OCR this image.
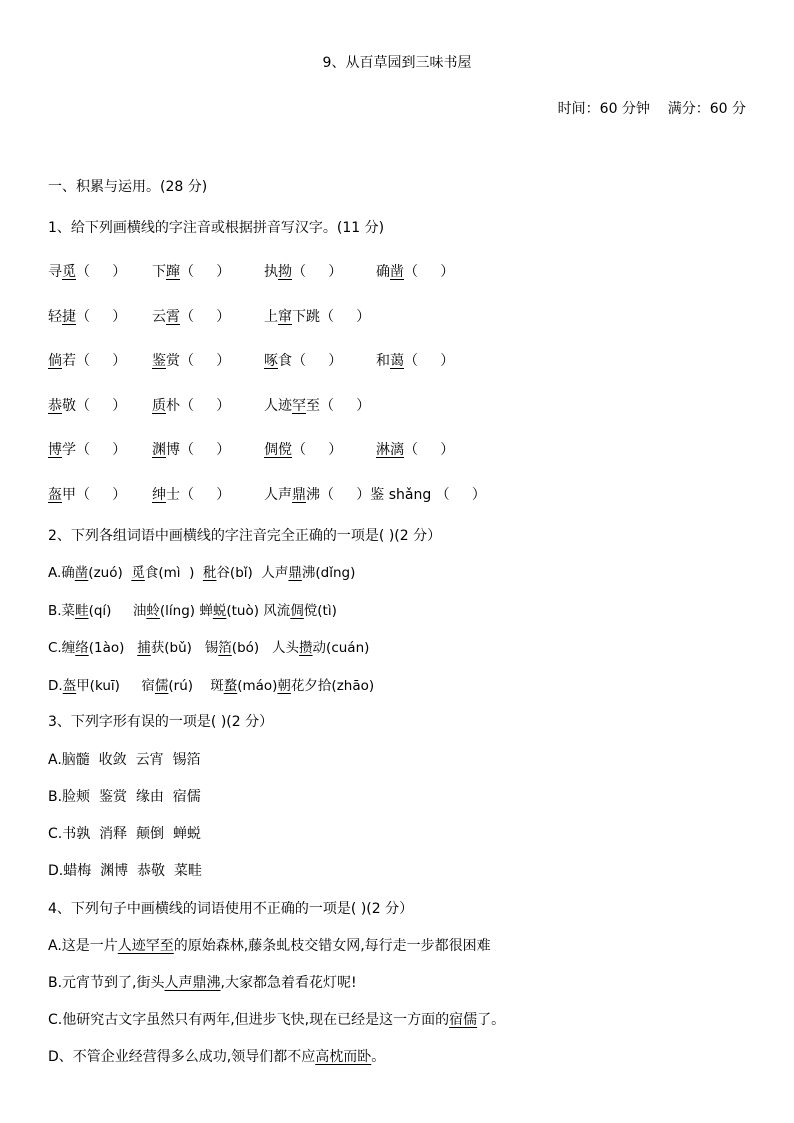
9、从百草园到三味书屋
时间：60 分钟    满分：60 分
一、积累与运用。(28 分)
1、给下列画横线的字注音或根据拼音写汉字。(11 分)
寻觅（     ） 下蹿（     ） 执拗（     ） 确凿（     ）
轻捷（     ） 云霄（     ） 上窜下跳（     ）
倘若（     ） 鉴赏（     ） 啄食（     ） 和蔼（     ）
恭敬（     ） 质朴（     ） 人迹罕至（     ）
博学（     ） 渊博（     ） 倜傥（     ） 淋漓（     ）
盔甲（     ） 绅士（     ） 人声鼎沸（     ）鉴 shǎng （     ）
2、下列各组词语中画横线的字注音完全正确的一项是( )(2 分）
A.确凿(zuó)  觅食(mì  )  秕谷(bǐ)  人声鼎沸(dǐng)
B.菜畦(qí)     油蛉(líng) 蝉蜕(tuò) 风流倜傥(tì)
C.缠络(1ào)   捕获(bǔ)   锡箔(bó)   人头攒动(cuán)
D.盔甲(kuī)     宿儒(rú)    斑蝥(máo)朝花夕拾(zhāo)
3、下列字形有误的一项是( )(2 分）
A.脑髓  收敛  云宵  锡箔
B.脸颊  鉴赏  缘由  宿儒
C.书孰  消释  颠倒  蝉蜕
D.蜡梅  渊博  恭敬  菜畦
4、下列句子中画横线的词语使用不正确的一项是( )(2 分）
A.这是一片人迹罕至的原始森林,藤条虬枝交错女网,每行走一步都很困难
B.元宵节到了,街头人声鼎沸,大家都急着看花灯呢!
C.他研究古文字虽然只有两年,但进步飞快,现在已经是这一方面的宿儒了。
D、不管企业经营得多么成功,领导们都不应高枕而卧。
